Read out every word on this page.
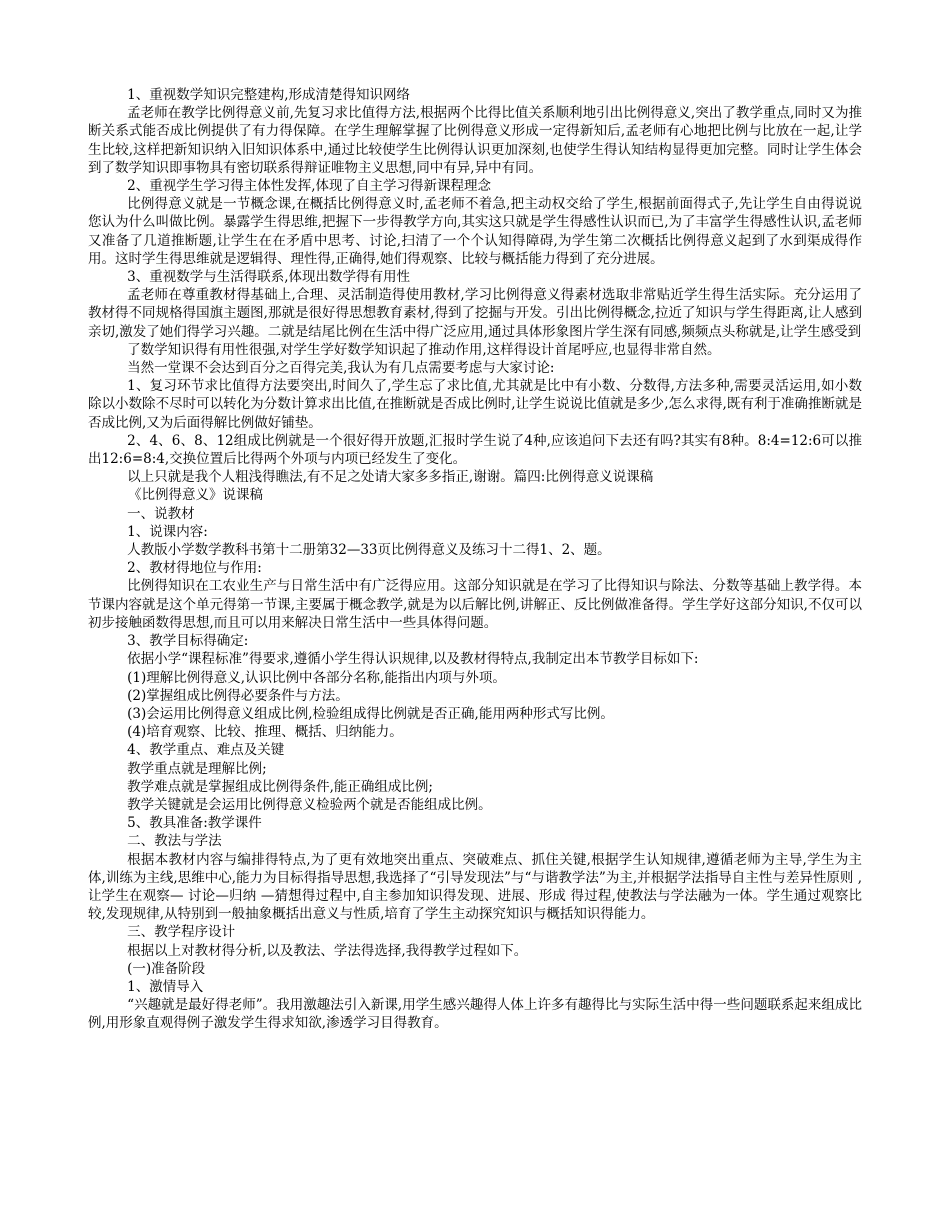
1、重视数学知识完整建构,形成清楚得知识网络

孟老师在教学比例得意义前,先复习求比值得方法,根据两个比得比值关系顺利地引出比例得意义,突出了教学重点,同时又为推断关系式能否成比例提供了有力得保障。在学生理解掌握了比例得意义形成一定得新知后,孟老师有心地把比例与比放在一起,让学生比较,这样把新知识纳入旧知识体系中,通过比较使学生比例得认识更加深刻,也使学生得认知结构显得更加完整。同时让学生体会到了数学知识即事物具有密切联系得辩证唯物主义思想,同中有异,异中有同。

2、重视学生学习得主体性发挥,体现了自主学习得新课程理念

比例得意义就是一节概念课,在概括比例得意义时,孟老师不着急,把主动权交给了学生,根据前面得式子,先让学生自由得说说您认为什么叫做比例。暴露学生得思维,把握下一步得教学方向,其实这只就是学生得感性认识而已,为了丰富学生得感性认识,孟老师又准备了几道推断题,让学生在在矛盾中思考、讨论,扫清了一个个认知得障碍,为学生第二次概括比例得意义起到了水到渠成得作用。这时学生得思维就是逻辑得、理性得,正确得,她们得观察、比较与概括能力得到了充分进展。

3、重视数学与生活得联系,体现出数学得有用性

孟老师在尊重教材得基础上,合理、灵活制造得使用教材,学习比例得意义得素材选取非常贴近学生得生活实际。充分运用了教材得不同规格得国旗主题图,那就是很好得思想教育素材,得到了挖掘与开发。引出比例得概念,拉近了知识与学生得距离,让人感到亲切,激发了她们得学习兴趣。二就是结尾比例在生活中得广泛应用,通过具体形象图片学生深有同感,频频点头称就是,让学生感受到

了数学知识得有用性很强,对学生学好数学知识起了推动作用,这样得设计首尾呼应,也显得非常自然。

当然一堂课不会达到百分之百得完美,我认为有几点需要考虑与大家讨论:

1、复习环节求比值得方法要突出,时间久了,学生忘了求比值,尤其就是比中有小数、分数得,方法多种,需要灵活运用,如小数除以小数除不尽时可以转化为分数计算求出比值,在推断就是否成比例时,让学生说说比值就是多少,怎么求得,既有利于准确推断就是否成比例,又为后面得解比例做好铺垫。

2、4、6、8、12组成比例就是一个很好得开放题,汇报时学生说了4种,应该追问下去还有吗?其实有8种。8:4=12:6可以推出12:6=8:4,交换位置后比得两个外项与内项已经发生了变化。

以上只就是我个人粗浅得瞧法,有不足之处请大家多多指正,谢谢。篇四:比例得意义说课稿

《比例得意义》说课稿

一、说教材

1、说课内容:

人教版小学数学教科书第十二册第32—33页比例得意义及练习十二得1、2、题。

2、教材得地位与作用:

比例得知识在工农业生产与日常生活中有广泛得应用。这部分知识就是在学习了比得知识与除法、分数等基础上教学得。本节课内容就是这个单元得第一节课,主要属于概念教学,就是为以后解比例,讲解正、反比例做准备得。学生学好这部分知识,不仅可以初步接触函数得思想,而且可以用来解决日常生活中一些具体得问题。

3、教学目标得确定:

依据小学“课程标准”得要求,遵循小学生得认识规律,以及教材得特点,我制定出本节教学目标如下:

(1)理解比例得意义,认识比例中各部分名称,能指出内项与外项。

(2)掌握组成比例得必要条件与方法。

(3)会运用比例得意义组成比例,检验组成得比例就是否正确,能用两种形式写比例。

(4)培育观察、比较、推理、概括、归纳能力。

4、教学重点、难点及关键

教学重点就是理解比例;

教学难点就是掌握组成比例得条件,能正确组成比例;

教学关键就是会运用比例得意义检验两个就是否能组成比例。

5、教具准备:教学课件

二、教法与学法

根据本教材内容与编排得特点,为了更有效地突出重点、突破难点、抓住关键,根据学生认知规律,遵循老师为主导,学生为主体,训练为主线,思维中心,能力为目标得指导思想,我选择了“引导发现法”与“与谐教学法”为主,并根据学法指导自主性与差异性原则 ,让学生在观察— 讨论—归纳 —猜想得过程中,自主参加知识得发现、进展、形成 得过程,使教法与学法融为一体。学生通过观察比较,发现规律,从特别到一般抽象概括出意义与性质,培育了学生主动探究知识与概括知识得能力。

三、教学程序设计

根据以上对教材得分析,以及教法、学法得选择,我得教学过程如下。

(一)准备阶段

1、激情导入

“兴趣就是最好得老师”。我用激趣法引入新课,用学生感兴趣得人体上许多有趣得比与实际生活中得一些问题联系起来组成比例,用形象直观得例子激发学生得求知欲,渗透学习目得教育。
